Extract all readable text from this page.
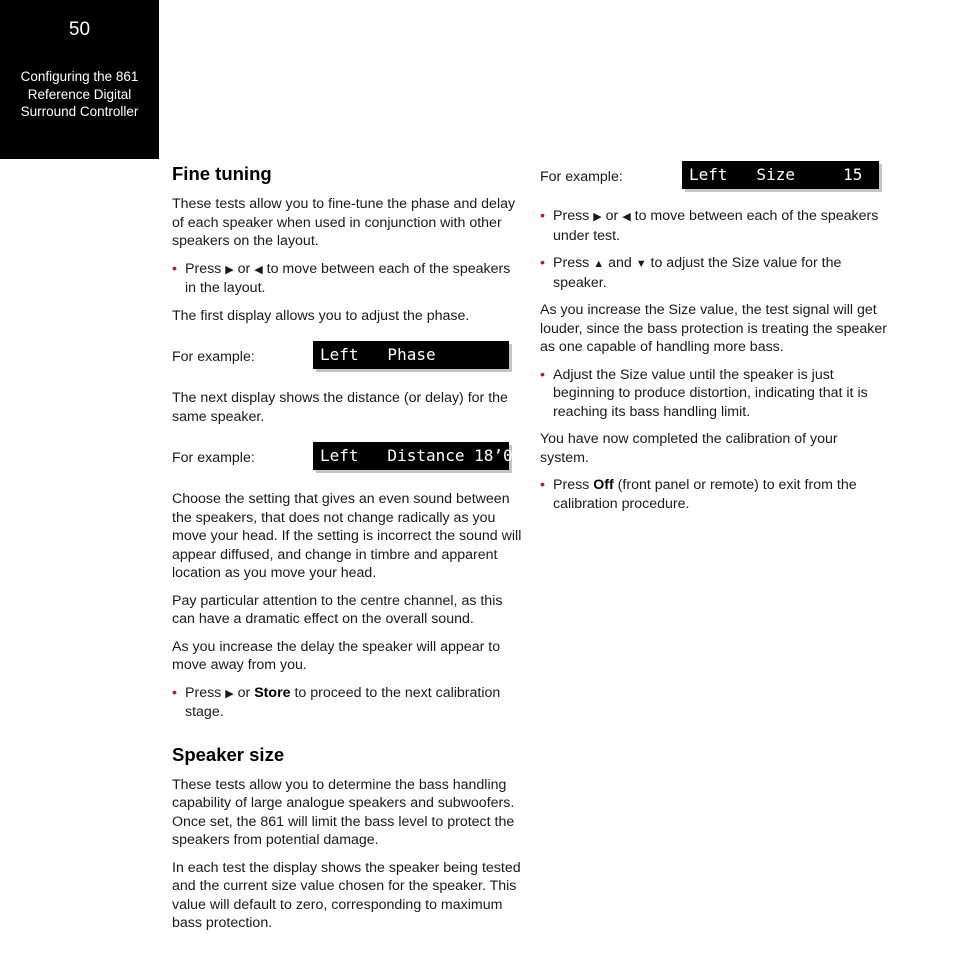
50
Configuring the 861
Reference Digital
Surround Controller
Fine tuning

These tests allow you to fine-tune the phase and delay of each speaker when used in conjunction with other speakers on the layout.

• Press ▶ or ◀ to move between each of the speakers in the layout.

The first display allows you to adjust the phase.

For example:	Left   Phase

The next display shows the distance (or delay) for the same speaker.

For example:	Left   Distance 18’0

Choose the setting that gives an even sound between the speakers, that does not change radically as you move your head. If the setting is incorrect the sound will appear diffused, and change in timbre and apparent location as you move your head.

Pay particular attention to the centre channel, as this can have a dramatic effect on the overall sound.

As you increase the delay the speaker will appear to move away from you.

• Press ▶ or Store to proceed to the next calibration stage.
Speaker size

These tests allow you to determine the bass handling capability of large analogue speakers and subwoofers. Once set, the 861 will limit the bass level to protect the speakers from potential damage.

In each test the display shows the speaker being tested and the current size value chosen for the speaker. This value will default to zero, corresponding to maximum bass protection.

For example:	Left   Size     15
• Press ▶ or ◀ to move between each of the speakers under test.
• Press ▲ and ▼ to adjust the Size value for the speaker.

As you increase the Size value, the test signal will get louder, since the bass protection is treating the speaker as one capable of handling more bass.

• Adjust the Size value until the speaker is just beginning to produce distortion, indicating that it is reaching its bass handling limit.

You have now completed the calibration of your system.

• Press Off (front panel or remote) to exit from the calibration procedure.
